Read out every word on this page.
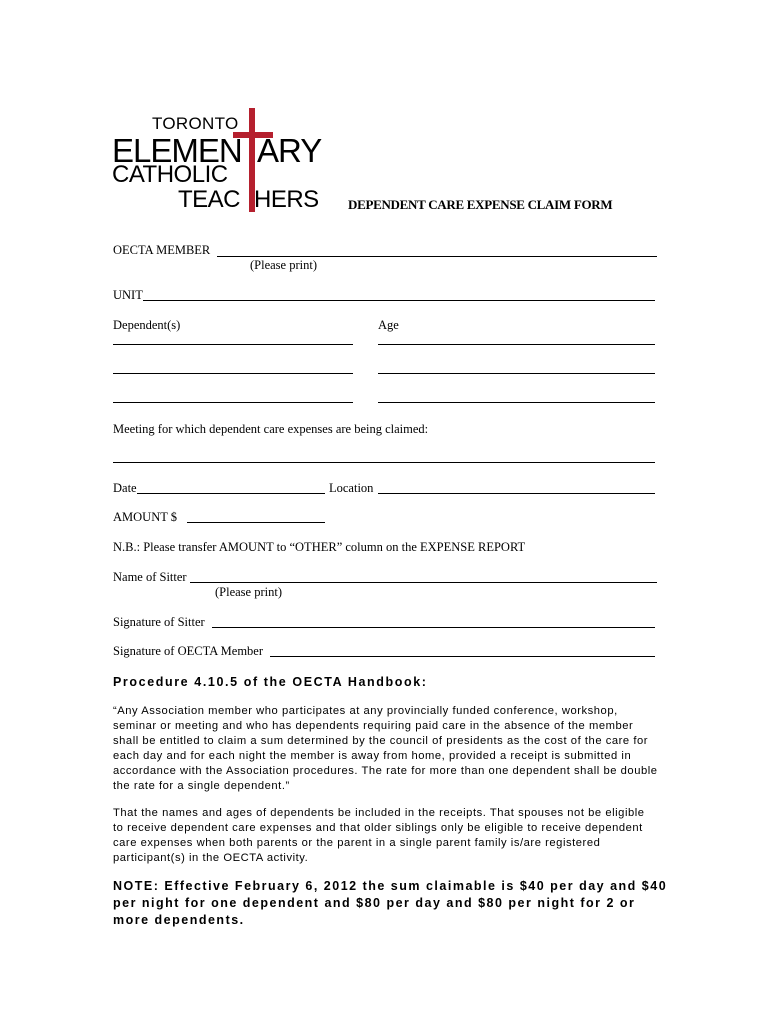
TORONTO
ELEMEN ARY
CATHOLIC
TEAC HERS DEPENDENT CARE EXPENSE CLAIM FORM
OECTA MEMBER
(Please print)
UNIT
Dependent(s)	Age
Meeting for which dependent care expenses are being claimed:
Date	Location
AMOUNT $
N.B.: Please transfer AMOUNT to “OTHER” column on the EXPENSE REPORT
Name of Sitter
(Please print)
Signature of Sitter
Signature of OECTA Member
Procedure 4.10.5 of the OECTA Handbook:
“Any Association member who participates at any provincially funded conference, workshop, seminar or meeting and who has dependents requiring paid care in the absence of the member shall be entitled to claim a sum determined by the council of presidents as the cost of the care for each day and for each night the member is away from home, provided a receipt is submitted in accordance with the Association procedures. The rate for more than one dependent shall be double the rate for a single dependent.”
That the names and ages of dependents be included in the receipts. That spouses not be eligible to receive dependent care expenses and that older siblings only be eligible to receive dependent care expenses when both parents or the parent in a single parent family is/are registered participant(s) in the OECTA activity.
NOTE: Effective February 6, 2012 the sum claimable is $40 per day and $40 per night for one dependent and $80 per day and $80 per night for 2 or more dependents.
